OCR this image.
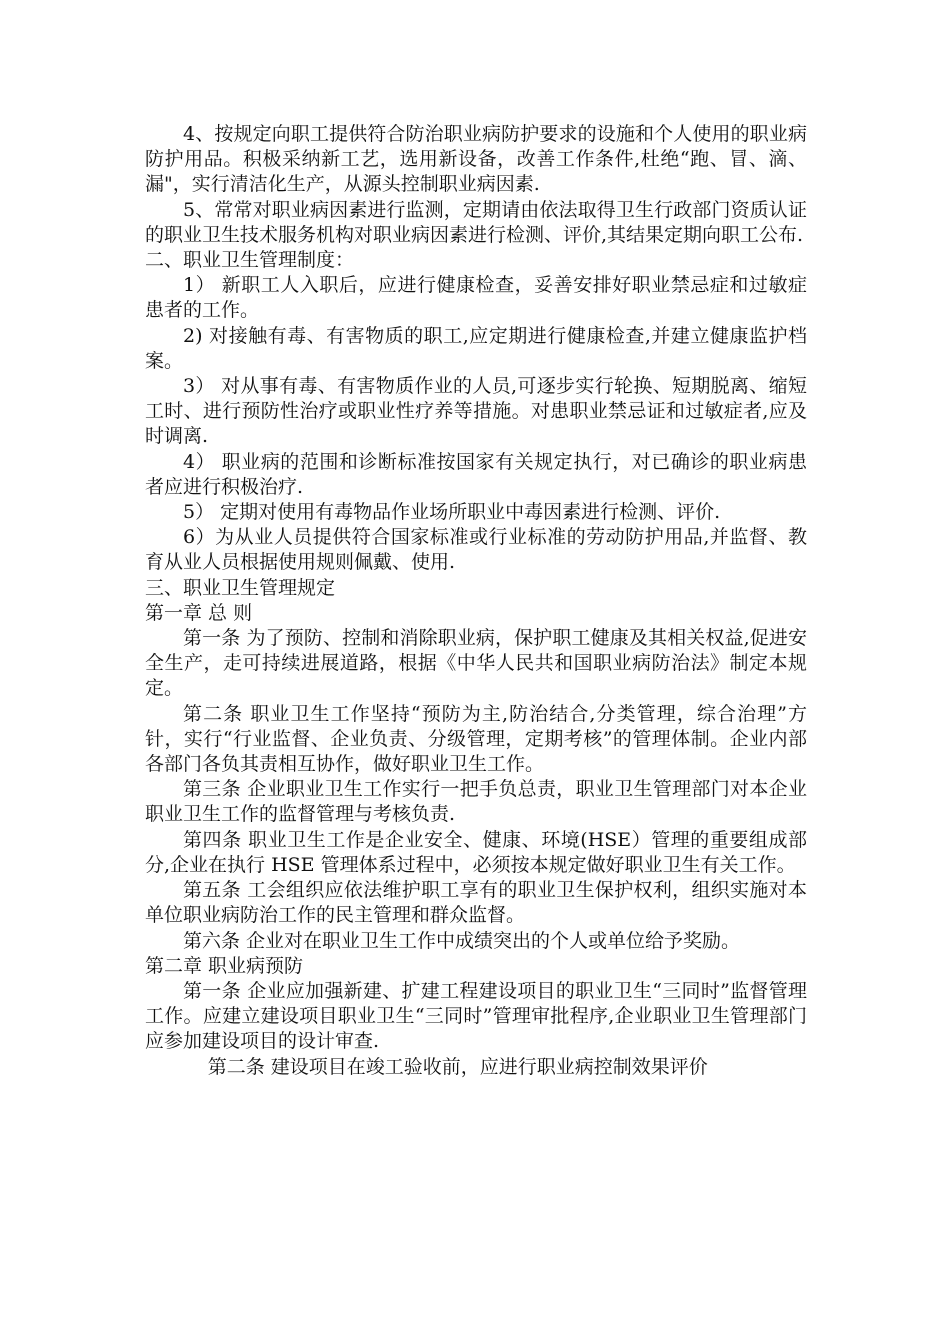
4、按规定向职工提供符合防治职业病防护要求的设施和个人使用的职业病防护用品。积极采纳新工艺，选用新设备，改善工作条件,杜绝“跑、冒、滴、漏"，实行清洁化生产，从源头控制职业病因素.

5、常常对职业病因素进行监测，定期请由依法取得卫生行政部门资质认证的职业卫生技术服务机构对职业病因素进行检测、评价,其结果定期向职工公布.

二、职业卫生管理制度：

1） 新职工人入职后，应进行健康检查，妥善安排好职业禁忌症和过敏症患者的工作。

2) 对接触有毒、有害物质的职工,应定期进行健康检查,并建立健康监护档案。

3） 对从事有毒、有害物质作业的人员,可逐步实行轮换、短期脱离、缩短工时、进行预防性治疗或职业性疗养等措施。对患职业禁忌证和过敏症者,应及时调离.

4） 职业病的范围和诊断标准按国家有关规定执行，对已确诊的职业病患者应进行积极治疗.

5） 定期对使用有毒物品作业场所职业中毒因素进行检测、评价.

6）为从业人员提供符合国家标准或行业标准的劳动防护用品,并监督、教育从业人员根据使用规则佩戴、使用.

三、职业卫生管理规定

第一章 总 则

第一条 为了预防、控制和消除职业病，保护职工健康及其相关权益,促进安全生产，走可持续进展道路，根据《中华人民共和国职业病防治法》制定本规定。

第二条 职业卫生工作坚持“预防为主,防治结合,分类管理，综合治理”方针，实行“行业监督、企业负责、分级管理，定期考核”的管理体制。企业内部各部门各负其责相互协作，做好职业卫生工作。

第三条 企业职业卫生工作实行一把手负总责，职业卫生管理部门对本企业职业卫生工作的监督管理与考核负责.

第四条 职业卫生工作是企业安全、健康、环境(HSE）管理的重要组成部分,企业在执行 HSE 管理体系过程中，必须按本规定做好职业卫生有关工作。

第五条 工会组织应依法维护职工享有的职业卫生保护权利，组织实施对本单位职业病防治工作的民主管理和群众监督。

第六条 企业对在职业卫生工作中成绩突出的个人或单位给予奖励。

第二章 职业病预防

第一条 企业应加强新建、扩建工程建设项目的职业卫生“三同时”监督管理工作。应建立建设项目职业卫生“三同时”管理审批程序,企业职业卫生管理部门应参加建设项目的设计审查.

第二条 建设项目在竣工验收前，应进行职业病控制效果评价
